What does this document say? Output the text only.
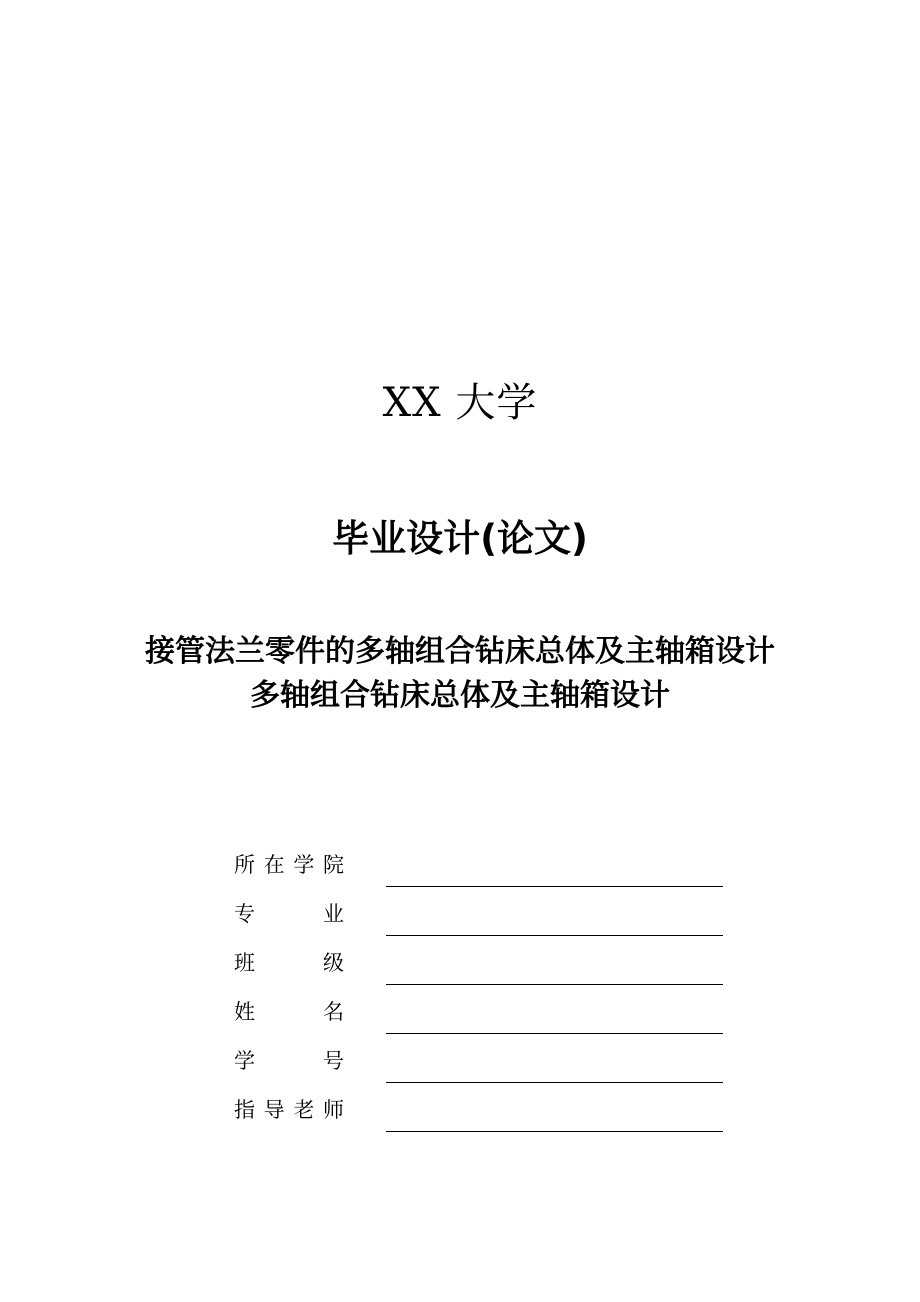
XX 大学
毕业设计(论文)
接管法兰零件的多轴组合钻床总体及主轴箱设计
多轴组合钻床总体及主轴箱设计
所 在 学 院
专	业
班	级
姓	名
学	号
指 导 老 师
